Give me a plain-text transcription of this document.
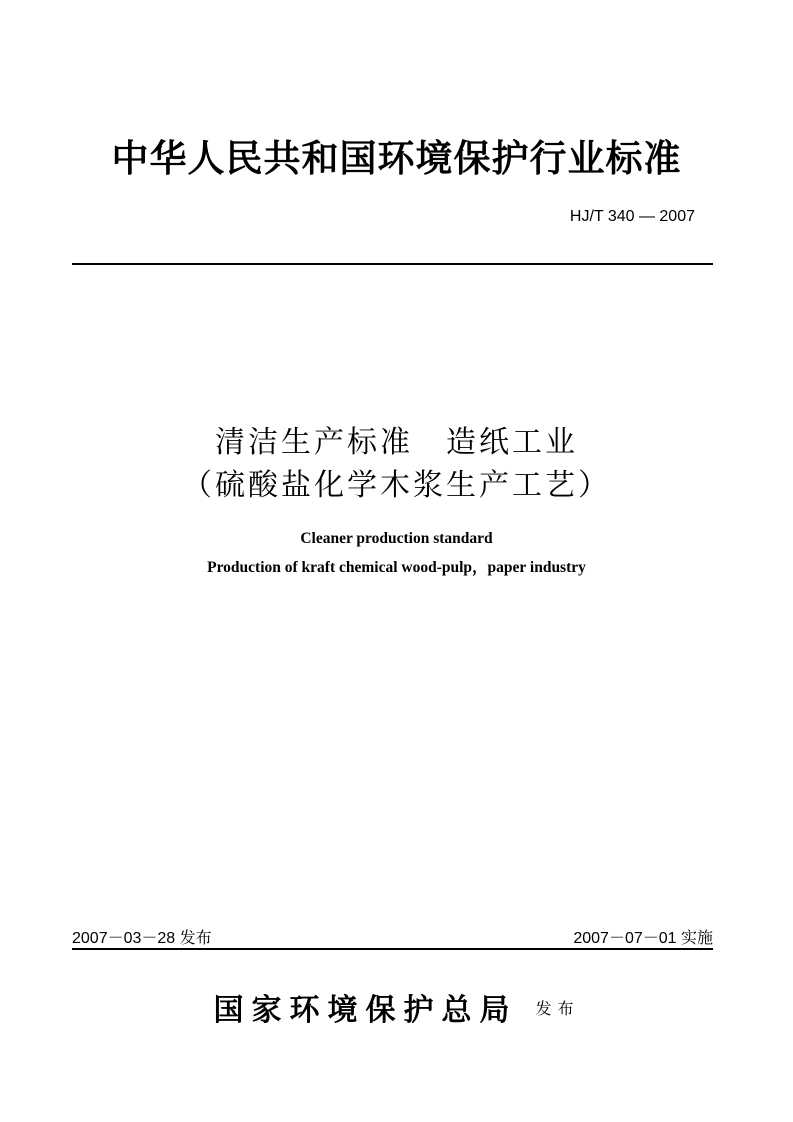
中华人民共和国环境保护行业标准
HJ/T 340 — 2007
清洁生产标准　造纸工业
（硫酸盐化学木浆生产工艺）
Cleaner production standard
Production of kraft chemical wood-pulp，paper industry
2007－03－28 发布	2007－07－01 实施
国家环境保护总局 发布
